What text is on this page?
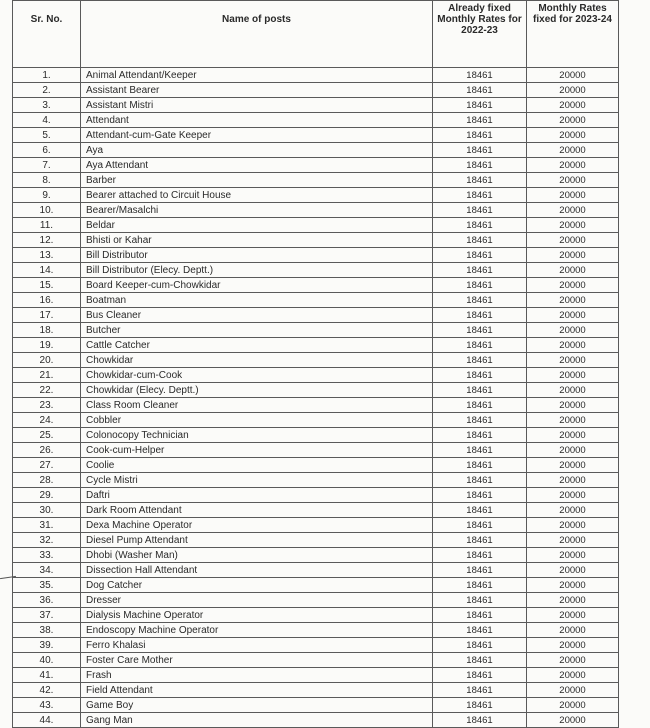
Sr. No.	Name of posts	Already fixed Monthly Rates for 2022-23	Monthly Rates fixed for 2023-24
1.	Animal Attendant/Keeper	18461	20000
2.	Assistant Bearer	18461	20000
3.	Assistant Mistri	18461	20000
4.	Attendant	18461	20000
5.	Attendant-cum-Gate Keeper	18461	20000
6.	Aya	18461	20000
7.	Aya Attendant	18461	20000
8.	Barber	18461	20000
9.	Bearer attached to Circuit House	18461	20000
10.	Bearer/Masalchi	18461	20000
11.	Beldar	18461	20000
12.	Bhisti or Kahar	18461	20000
13.	Bill Distributor	18461	20000
14.	Bill Distributor (Elecy. Deptt.)	18461	20000
15.	Board Keeper-cum-Chowkidar	18461	20000
16.	Boatman	18461	20000
17.	Bus Cleaner	18461	20000
18.	Butcher	18461	20000
19.	Cattle Catcher	18461	20000
20.	Chowkidar	18461	20000
21.	Chowkidar-cum-Cook	18461	20000
22.	Chowkidar (Elecy. Deptt.)	18461	20000
23.	Class Room Cleaner	18461	20000
24.	Cobbler	18461	20000
25.	Colonocopy Technician	18461	20000
26.	Cook-cum-Helper	18461	20000
27.	Coolie	18461	20000
28.	Cycle Mistri	18461	20000
29.	Daftri	18461	20000
30.	Dark Room Attendant	18461	20000
31.	Dexa Machine Operator	18461	20000
32.	Diesel Pump Attendant	18461	20000
33.	Dhobi (Washer Man)	18461	20000
34.	Dissection Hall Attendant	18461	20000
35.	Dog Catcher	18461	20000
36.	Dresser	18461	20000
37.	Dialysis Machine Operator	18461	20000
38.	Endoscopy Machine Operator	18461	20000
39.	Ferro Khalasi	18461	20000
40.	Foster Care Mother	18461	20000
41.	Frash	18461	20000
42.	Field Attendant	18461	20000
43.	Game Boy	18461	20000
44.	Gang Man	18461	20000
